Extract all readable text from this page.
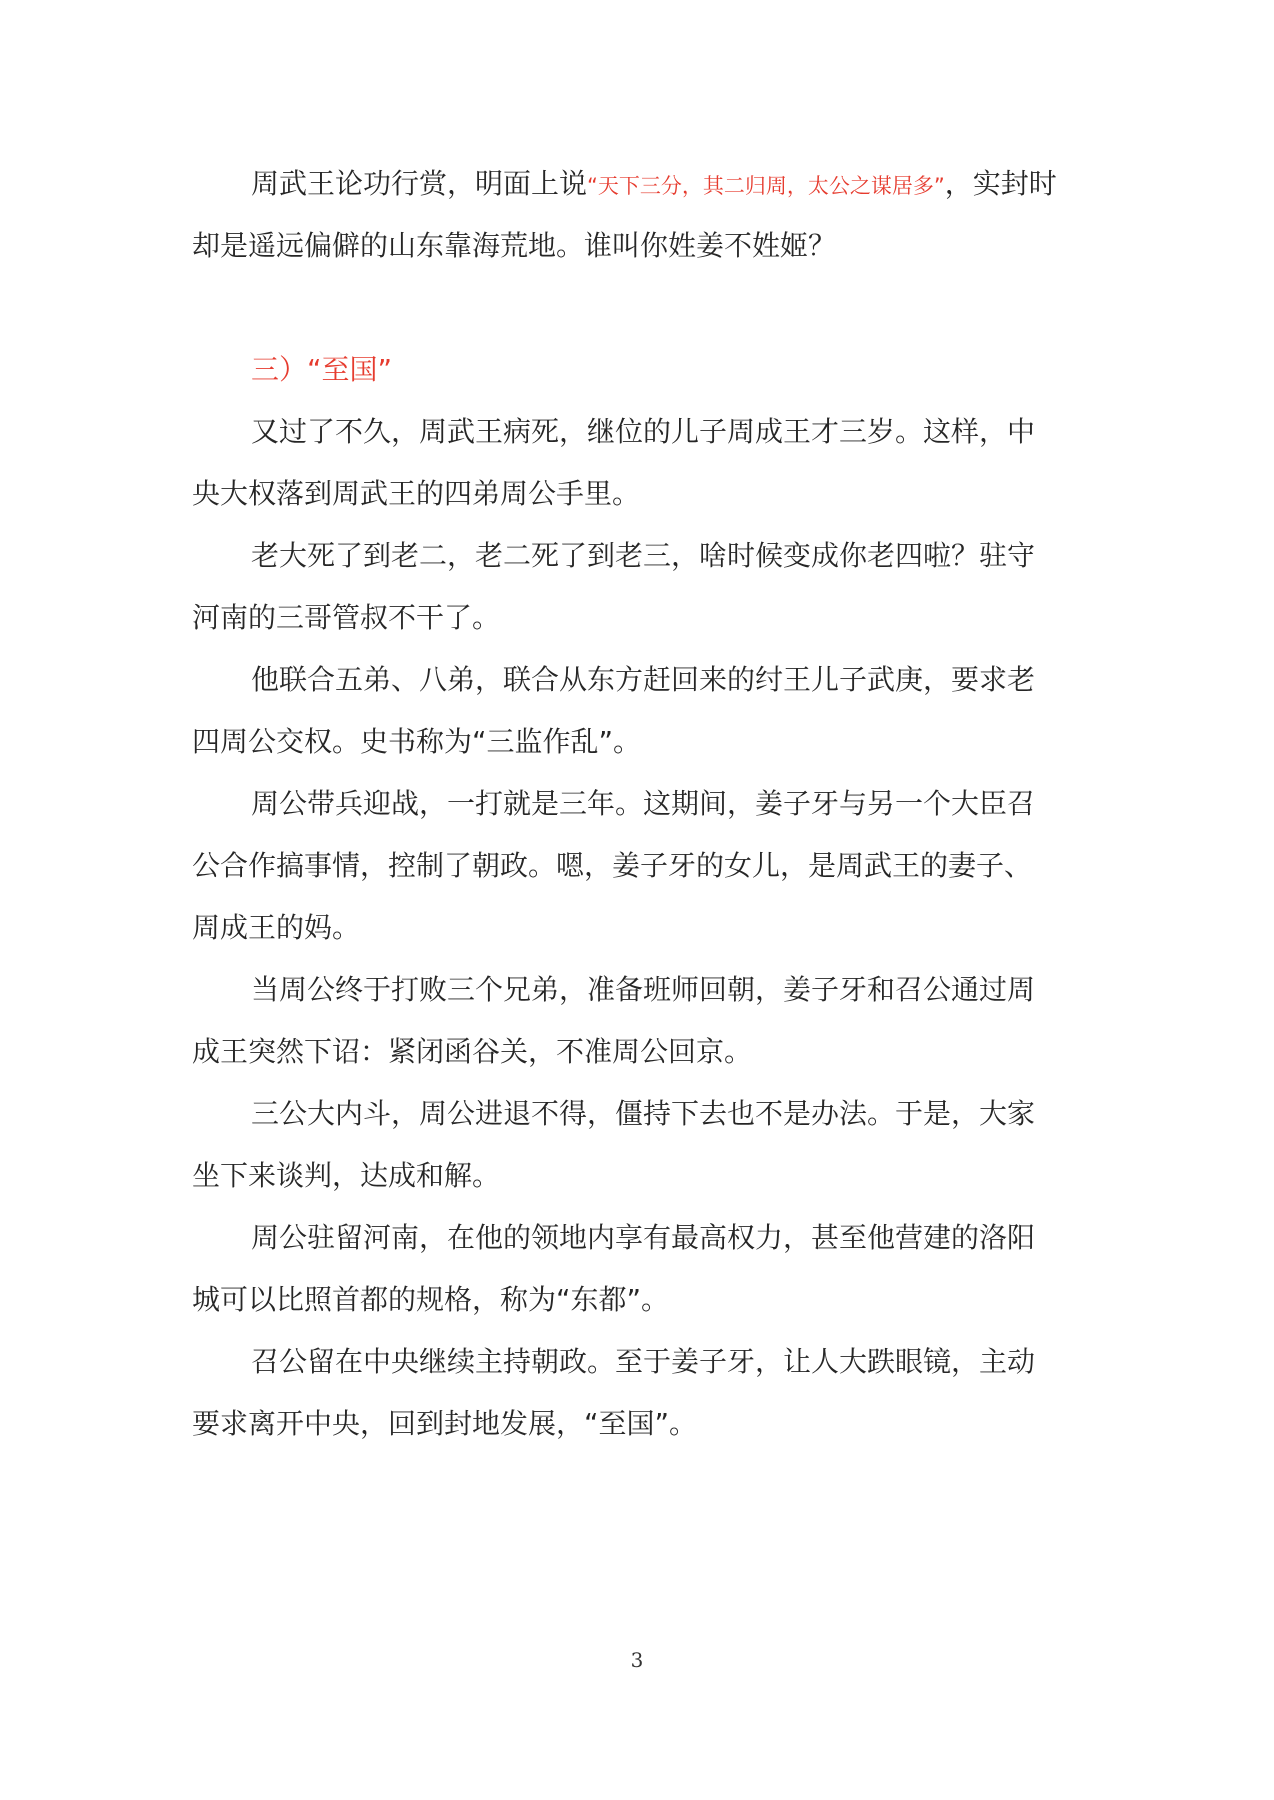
周武王论功行赏，明面上说“天下三分，其二归周，太公之谋居多”，实封时
却是遥远偏僻的山东靠海荒地。谁叫你姓姜不姓姬？
三）“至国”
又过了不久，周武王病死，继位的儿子周成王才三岁。这样，中
央大权落到周武王的四弟周公手里。
老大死了到老二，老二死了到老三，啥时候变成你老四啦？驻守
河南的三哥管叔不干了。
他联合五弟、八弟，联合从东方赶回来的纣王儿子武庚，要求老
四周公交权。史书称为“三监作乱”。
周公带兵迎战，一打就是三年。这期间，姜子牙与另一个大臣召
公合作搞事情，控制了朝政。嗯，姜子牙的女儿，是周武王的妻子、
周成王的妈。
当周公终于打败三个兄弟，准备班师回朝，姜子牙和召公通过周
成王突然下诏：紧闭函谷关，不准周公回京。
三公大内斗，周公进退不得，僵持下去也不是办法。于是，大家
坐下来谈判，达成和解。
周公驻留河南，在他的领地内享有最高权力，甚至他营建的洛阳
城可以比照首都的规格，称为“东都”。
召公留在中央继续主持朝政。至于姜子牙，让人大跌眼镜，主动
要求离开中央，回到封地发展，“至国”。
3
